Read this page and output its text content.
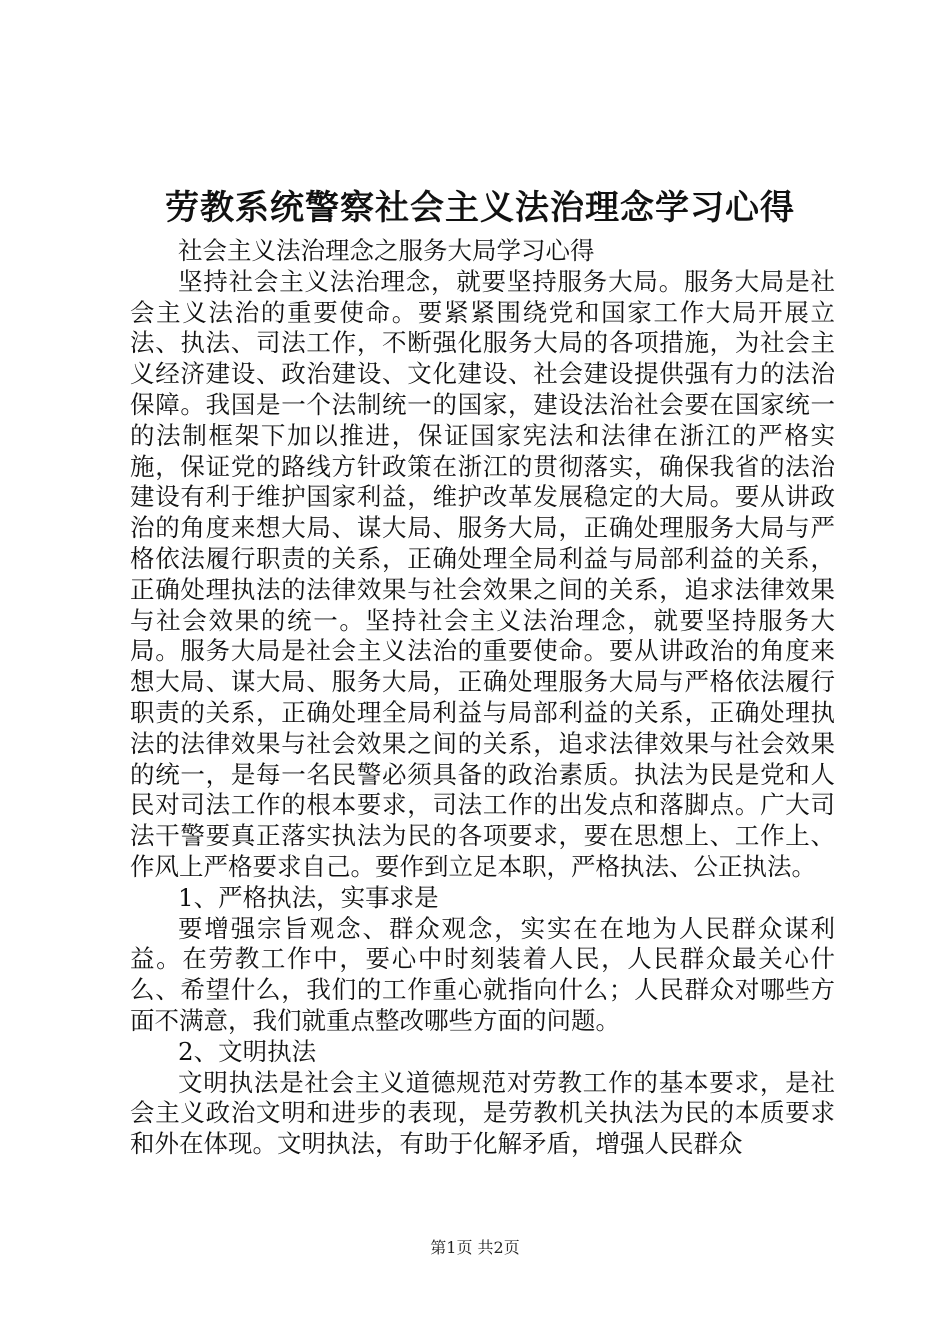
劳教系统警察社会主义法治理念学习心得

社会主义法治理念之服务大局学习心得

坚持社会主义法治理念，就要坚持服务大局。服务大局是社会主义法治的重要使命。要紧紧围绕党和国家工作大局开展立法、执法、司法工作，不断强化服务大局的各项措施，为社会主义经济建设、政治建设、文化建设、社会建设提供强有力的法治保障。我国是一个法制统一的国家，建设法治社会要在国家统一的法制框架下加以推进，保证国家宪法和法律在浙江的严格实施，保证党的路线方针政策在浙江的贯彻落实，确保我省的法治建设有利于维护国家利益，维护改革发展稳定的大局。要从讲政治的角度来想大局、谋大局、服务大局，正确处理服务大局与严格依法履行职责的关系，正确处理全局利益与局部利益的关系，正确处理执法的法律效果与社会效果之间的关系，追求法律效果与社会效果的统一。坚持社会主义法治理念，就要坚持服务大局。服务大局是社会主义法治的重要使命。要从讲政治的角度来想大局、谋大局、服务大局，正确处理服务大局与严格依法履行职责的关系，正确处理全局利益与局部利益的关系，正确处理执法的法律效果与社会效果之间的关系，追求法律效果与社会效果的统一，是每一名民警必须具备的政治素质。执法为民是党和人民对司法工作的根本要求，司法工作的出发点和落脚点。广大司法干警要真正落实执法为民的各项要求，要在思想上、工作上、作风上严格要求自己。要作到立足本职，严格执法、公正执法。

1、严格执法，实事求是

要增强宗旨观念、群众观念，实实在在地为人民群众谋利益。在劳教工作中，要心中时刻装着人民，人民群众最关心什么、希望什么，我们的工作重心就指向什么；人民群众对哪些方面不满意，我们就重点整改哪些方面的问题。

2、文明执法

文明执法是社会主义道德规范对劳教工作的基本要求，是社会主义政治文明和进步的表现，是劳教机关执法为民的本质要求和外在体现。文明执法，有助于化解矛盾，增强人民群众

第1页 共2页
